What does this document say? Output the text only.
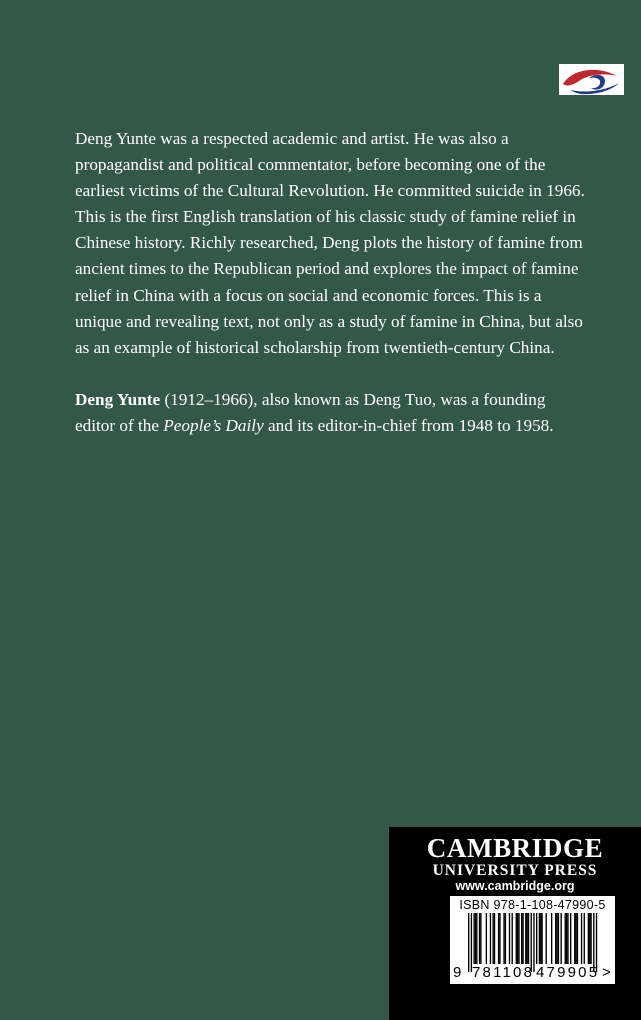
Deng Yunte was a respected academic and artist. He was also a propagandist and political commentator, before becoming one of the earliest victims of the Cultural Revolution. He committed suicide in 1966. This is the first English translation of his classic study of famine relief in Chinese history. Richly researched, Deng plots the history of famine from ancient times to the Republican period and explores the impact of famine relief in China with a focus on social and economic forces. This is a unique and revealing text, not only as a study of famine in China, but also as an example of historical scholarship from twentieth-century China.

Deng Yunte (1912–1966), also known as Deng Tuo, was a founding editor of the People’s Daily and its editor-in-chief from 1948 to 1958.

CAMBRIDGE
UNIVERSITY PRESS
www.cambridge.org
ISBN 978-1-108-47990-5
9 781108 479905 >
